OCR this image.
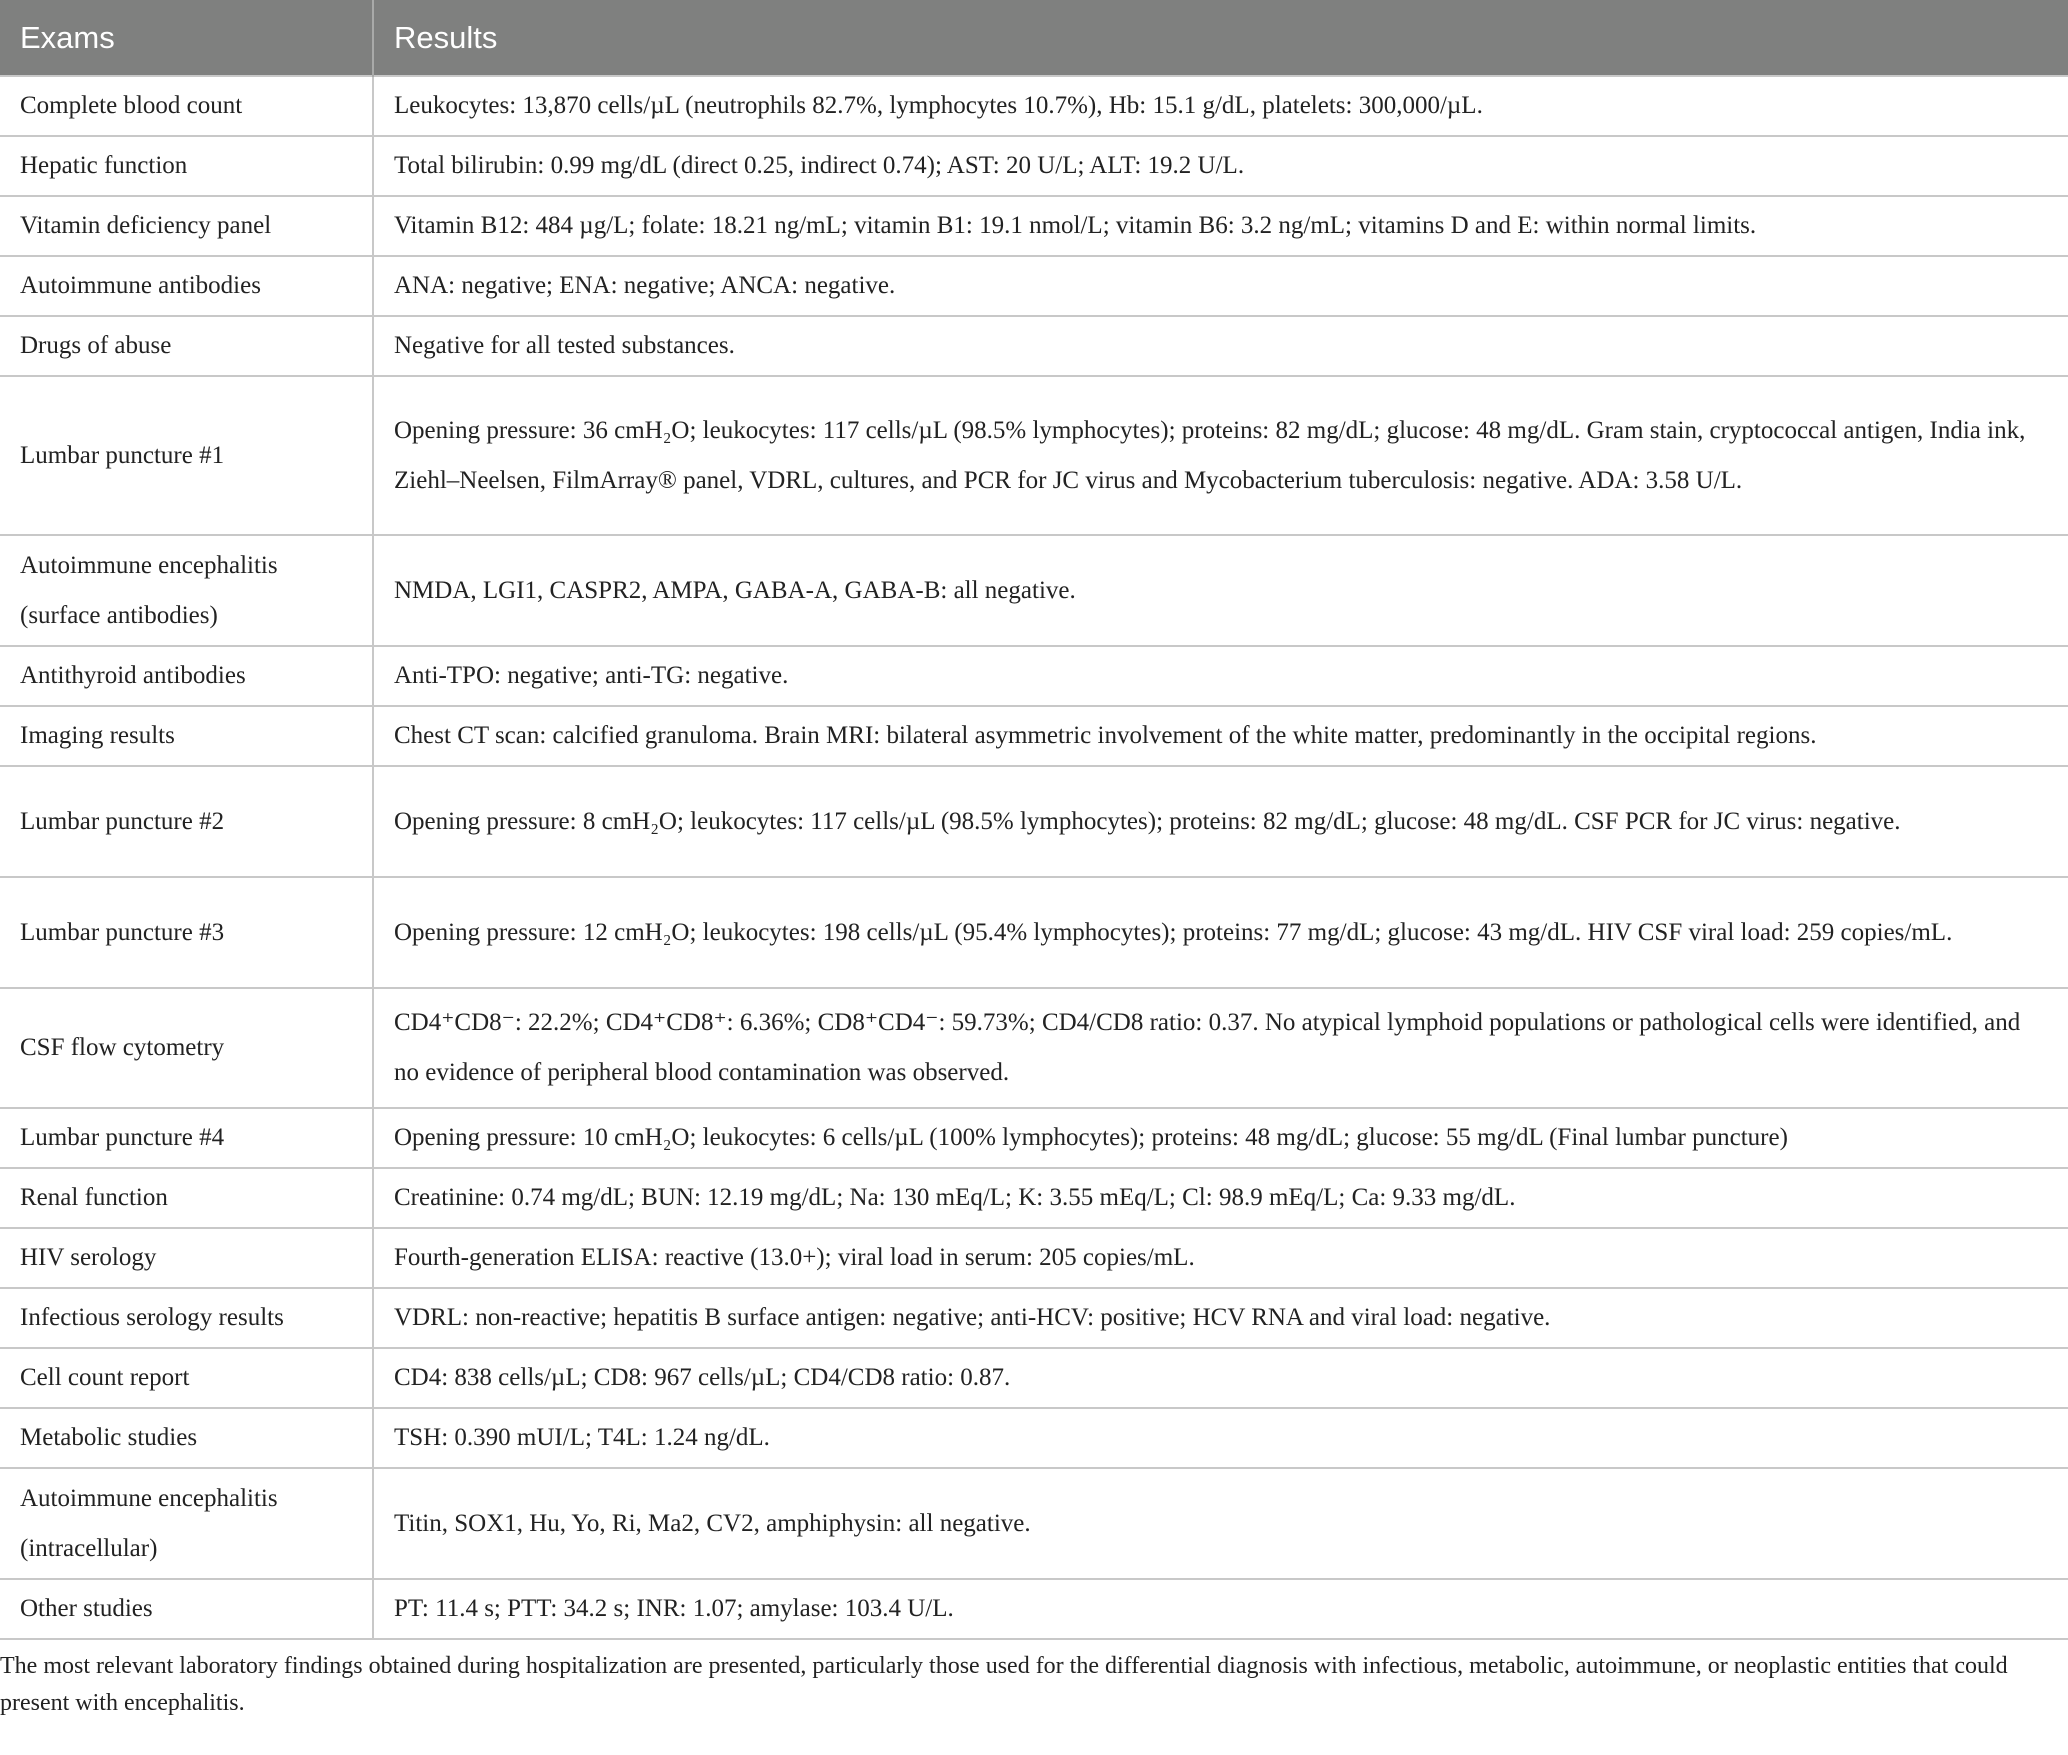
Exams	Results
Complete blood count	Leukocytes: 13,870 cells/µL (neutrophils 82.7%, lymphocytes 10.7%), Hb: 15.1 g/dL, platelets: 300,000/µL.
Hepatic function	Total bilirubin: 0.99 mg/dL (direct 0.25, indirect 0.74); AST: 20 U/L; ALT: 19.2 U/L.
Vitamin deficiency panel	Vitamin B12: 484 µg/L; folate: 18.21 ng/mL; vitamin B1: 19.1 nmol/L; vitamin B6: 3.2 ng/mL; vitamins D and E: within normal limits.
Autoimmune antibodies	ANA: negative; ENA: negative; ANCA: negative.
Drugs of abuse	Negative for all tested substances.
Lumbar puncture #1	Opening pressure: 36 cmH₂O; leukocytes: 117 cells/µL (98.5% lymphocytes); proteins: 82 mg/dL; glucose: 48 mg/dL. Gram stain, cryptococcal antigen, India ink, Ziehl–Neelsen, FilmArray® panel, VDRL, cultures, and PCR for JC virus and Mycobacterium tuberculosis: negative. ADA: 3.58 U/L.
Autoimmune encephalitis (surface antibodies)	NMDA, LGI1, CASPR2, AMPA, GABA-A, GABA-B: all negative.
Antithyroid antibodies	Anti-TPO: negative; anti-TG: negative.
Imaging results	Chest CT scan: calcified granuloma. Brain MRI: bilateral asymmetric involvement of the white matter, predominantly in the occipital regions.
Lumbar puncture #2	Opening pressure: 8 cmH₂O; leukocytes: 117 cells/µL (98.5% lymphocytes); proteins: 82 mg/dL; glucose: 48 mg/dL. CSF PCR for JC virus: negative.
Lumbar puncture #3	Opening pressure: 12 cmH₂O; leukocytes: 198 cells/µL (95.4% lymphocytes); proteins: 77 mg/dL; glucose: 43 mg/dL. HIV CSF viral load: 259 copies/mL.
CSF flow cytometry	CD4⁺CD8⁻: 22.2%; CD4⁺CD8⁺: 6.36%; CD8⁺CD4⁻: 59.73%; CD4/CD8 ratio: 0.37. No atypical lymphoid populations or pathological cells were identified, and no evidence of peripheral blood contamination was observed.
Lumbar puncture #4	Opening pressure: 10 cmH₂O; leukocytes: 6 cells/µL (100% lymphocytes); proteins: 48 mg/dL; glucose: 55 mg/dL (Final lumbar puncture)
Renal function	Creatinine: 0.74 mg/dL; BUN: 12.19 mg/dL; Na: 130 mEq/L; K: 3.55 mEq/L; Cl: 98.9 mEq/L; Ca: 9.33 mg/dL.
HIV serology	Fourth-generation ELISA: reactive (13.0+); viral load in serum: 205 copies/mL.
Infectious serology results	VDRL: non-reactive; hepatitis B surface antigen: negative; anti-HCV: positive; HCV RNA and viral load: negative.
Cell count report	CD4: 838 cells/µL; CD8: 967 cells/µL; CD4/CD8 ratio: 0.87.
Metabolic studies	TSH: 0.390 mUI/L; T4L: 1.24 ng/dL.
Autoimmune encephalitis (intracellular)	Titin, SOX1, Hu, Yo, Ri, Ma2, CV2, amphiphysin: all negative.
Other studies	PT: 11.4 s; PTT: 34.2 s; INR: 1.07; amylase: 103.4 U/L.
The most relevant laboratory findings obtained during hospitalization are presented, particularly those used for the differential diagnosis with infectious, metabolic, autoimmune, or neoplastic entities that could present with encephalitis.
